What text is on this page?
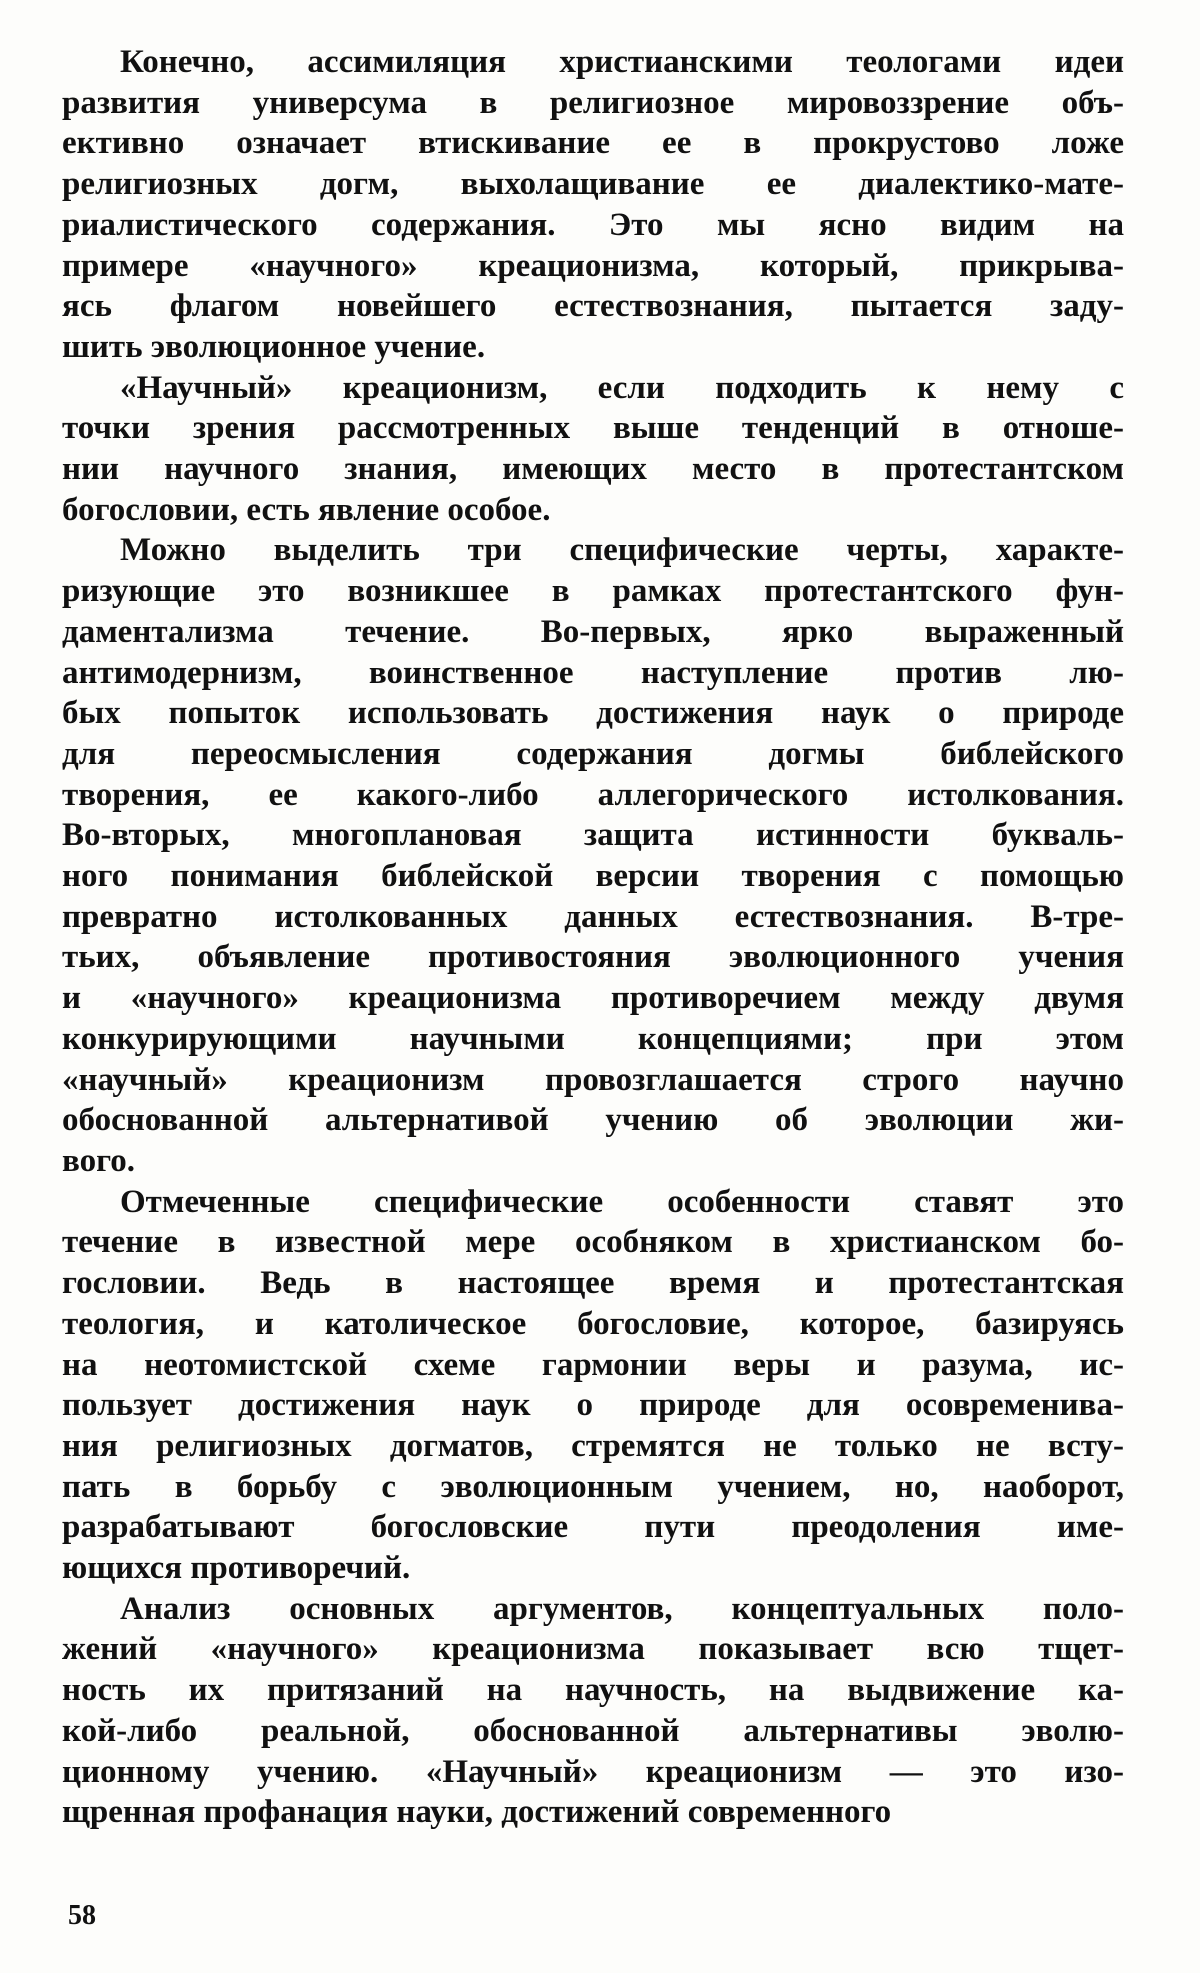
Конечно, ассимиляция христианскими теологами идеи
развития универсума в религиозное мировоззрение объ-
ективно означает втискивание ее в прокрустово ложе
религиозных догм, выхолащивание ее диалектико-мате-
риалистического содержания. Это мы ясно видим на
примере «научного» креационизма, который, прикрыва-
ясь флагом новейшего естествознания, пытается заду-
шить эволюционное учение.
«Научный» креационизм, если подходить к нему с
точки зрения рассмотренных выше тенденций в отноше-
нии научного знания, имеющих место в протестантском
богословии, есть явление особое.
Можно выделить три специфические черты, характе-
ризующие это возникшее в рамках протестантского фун-
даментализма течение. Во-первых, ярко выраженный
антимодернизм, воинственное наступление против лю-
бых попыток использовать достижения наук о природе
для переосмысления содержания догмы библейского
творения, ее какого-либо аллегорического истолкования.
Во-вторых, многоплановая защита истинности букваль-
ного понимания библейской версии творения с помощью
превратно истолкованных данных естествознания. В-тре-
тьих, объявление противостояния эволюционного учения
и «научного» креационизма противоречием между двумя
конкурирующими научными концепциями; при этом
«научный» креационизм провозглашается строго научно
обоснованной альтернативой учению об эволюции жи-
вого.
Отмеченные специфические особенности ставят это
течение в известной мере особняком в христианском бо-
гословии. Ведь в настоящее время и протестантская
теология, и католическое богословие, которое, базируясь
на неотомистской схеме гармонии веры и разума, ис-
пользует достижения наук о природе для осовременива-
ния религиозных догматов, стремятся не только не всту-
пать в борьбу с эволюционным учением, но, наоборот,
разрабатывают богословские пути преодоления име-
ющихся противоречий.
Анализ основных аргументов, концептуальных поло-
жений «научного» креационизма показывает всю тщет-
ность их притязаний на научность, на выдвижение ка-
кой-либо реальной, обоснованной альтернативы эволю-
ционному учению. «Научный» креационизм — это изо-
щренная профанация науки, достижений современного
58
